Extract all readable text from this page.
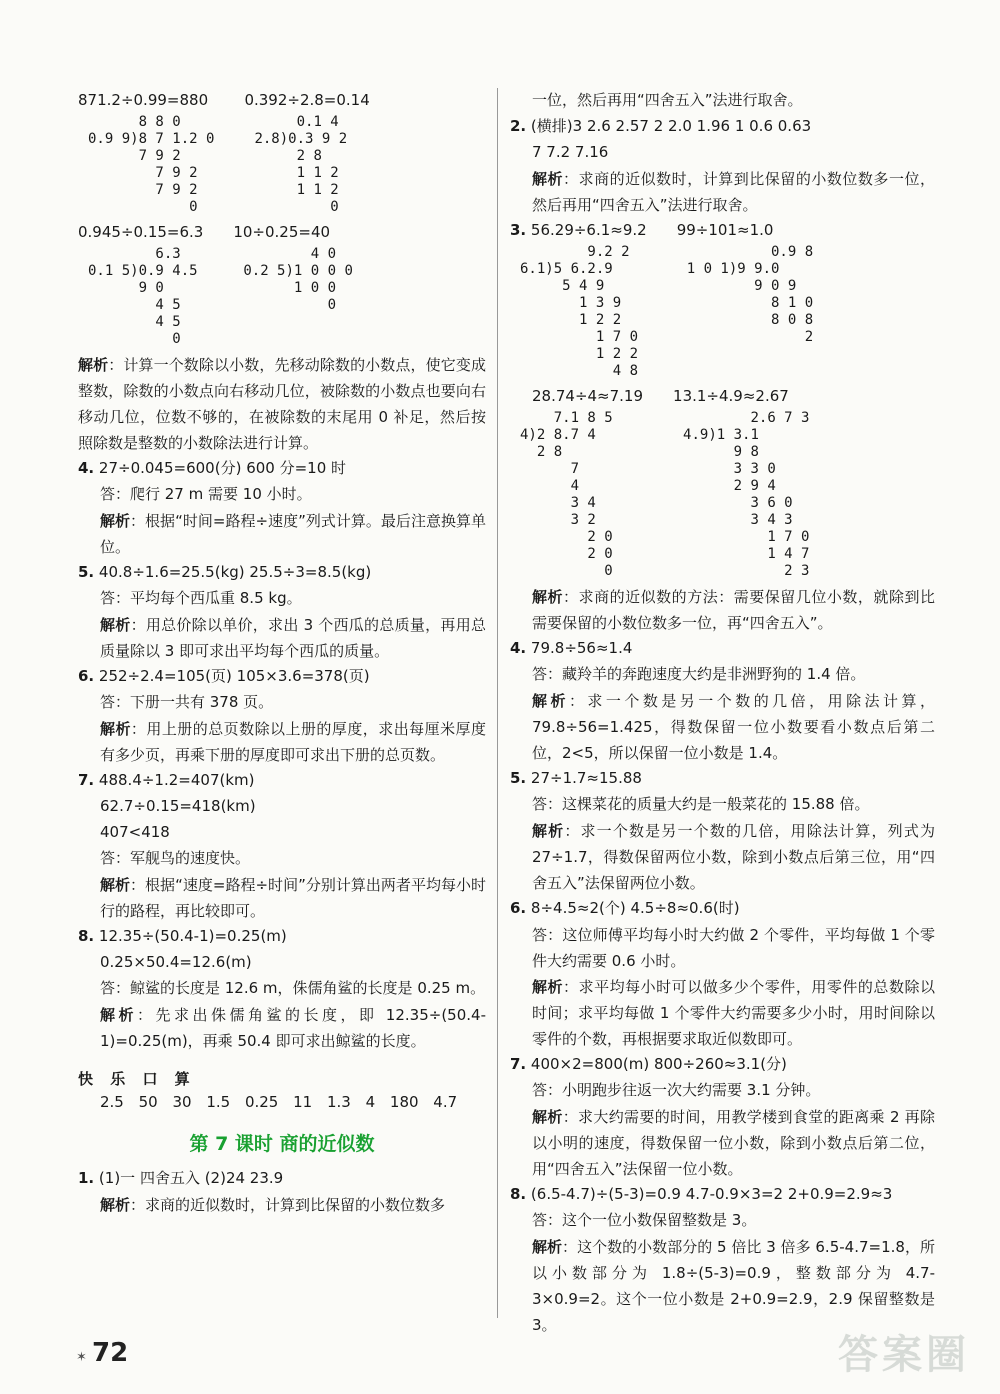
871.2÷0.99=880
8 8 0
0.9 9)8 7 1.2 0
7 9 2
7 9 2
7 9 2
0
0.392÷2.8=0.14
0.1 4
2.8)0.3 9 2
2 8
1 1 2
1 1 2
0
0.945÷0.15=6.3
6.3
0.1 5)0.9 4.5
9 0
4 5
4 5
0
10÷0.25=40
4 0
0.2 5)1 0 0 0
1 0 0
0
解析：计算一个数除以小数，先移动除数的小数点，使它变成整数，除数的小数点向右移动几位，被除数的小数点也要向右移动几位，位数不够的，在被除数的末尾用 0 补足，然后按照除数是整数的小数除法进行计算。
4. 27÷0.045=600(分) 600 分=10 时
答：爬行 27 m 需要 10 小时。
解析：根据“时间=路程÷速度”列式计算。最后注意换算单位。
5. 40.8÷1.6=25.5(kg) 25.5÷3=8.5(kg)
答：平均每个西瓜重 8.5 kg。
解析：用总价除以单价，求出 3 个西瓜的总质量，再用总质量除以 3 即可求出平均每个西瓜的质量。
6. 252÷2.4=105(页) 105×3.6=378(页)
答：下册一共有 378 页。
解析：用上册的总页数除以上册的厚度，求出每厘米厚度有多少页，再乘下册的厚度即可求出下册的总页数。
7. 488.4÷1.2=407(km)
62.7÷0.15=418(km)
407<418
答：军舰鸟的速度快。
解析：根据“速度=路程÷时间”分别计算出两者平均每小时行的路程，再比较即可。
8. 12.35÷(50.4-1)=0.25(m)
0.25×50.4=12.6(m)
答：鲸鲨的长度是 12.6 m，侏儒角鲨的长度是 0.25 m。
解析：先求出侏儒角鲨的长度，即 12.35÷(50.4-1)=0.25(m)，再乘 50.4 即可求出鲸鲨的长度。
快 乐 口 算
2.5 50 30 1.5 0.25 11 1.3 4 180 4.7
第 7 课时 商的近似数
1. (1)一 四舍五入 (2)24 23.9
解析：求商的近似数时，计算到比保留的小数位数多
一位，然后再用“四舍五入”法进行取舍。
2. (横排)3 2.6 2.57 2 2.0 1.96 1 0.6 0.63
7 7.2 7.16
解析：求商的近似数时，计算到比保留的小数位数多一位，然后再用“四舍五入”法进行取舍。
3. 56.29÷6.1≈9.2
9.2 2
6.1)5 6.2.9
5 4 9
1 3 9
1 2 2
1 7 0
1 2 2
4 8
99÷101≈1.0
0.9 8
1 0 1)9 9.0
9 0 9
8 1 0
8 0 8
2
28.74÷4≈7.19
7.1 8 5
4)2 8.7 4
2 8
7
4
3 4
3 2
2 0
2 0
0
13.1÷4.9≈2.67
2.6 7 3
4.9)1 3.1
9 8
3 3 0
2 9 4
3 6 0
3 4 3
1 7 0
1 4 7
2 3
解析：求商的近似数的方法：需要保留几位小数，就除到比需要保留的小数位数多一位，再“四舍五入”。
4. 79.8÷56≈1.4
答：藏羚羊的奔跑速度大约是非洲野狗的 1.4 倍。
解析：求一个数是另一个数的几倍，用除法计算，79.8÷56=1.425，得数保留一位小数要看小数点后第二位，2<5，所以保留一位小数是 1.4。
5. 27÷1.7≈15.88
答：这棵菜花的质量大约是一般菜花的 15.88 倍。
解析：求一个数是另一个数的几倍，用除法计算，列式为 27÷1.7，得数保留两位小数，除到小数点后第三位，用“四舍五入”法保留两位小数。
6. 8÷4.5≈2(个) 4.5÷8≈0.6(时)
答：这位师傅平均每小时大约做 2 个零件，平均每做 1 个零件大约需要 0.6 小时。
解析：求平均每小时可以做多少个零件，用零件的总数除以时间；求平均每做 1 个零件大约需要多少小时，用时间除以零件的个数，再根据要求取近似数即可。
7. 400×2=800(m) 800÷260≈3.1(分)
答：小明跑步往返一次大约需要 3.1 分钟。
解析：求大约需要的时间，用教学楼到食堂的距离乘 2 再除以小明的速度，得数保留一位小数，除到小数点后第二位，用“四舍五入”法保留一位小数。
8. (6.5-4.7)÷(5-3)=0.9 4.7-0.9×3=2 2+0.9=2.9≈3
答：这个一位小数保留整数是 3。
解析：这个数的小数部分的 5 倍比 3 倍多 6.5-4.7=1.8，所以小数部分为 1.8÷(5-3)=0.9，整数部分为 4.7-3×0.9=2。这个一位小数是 2+0.9=2.9，2.9 保留整数是 3。
✶ 72	答案圈
